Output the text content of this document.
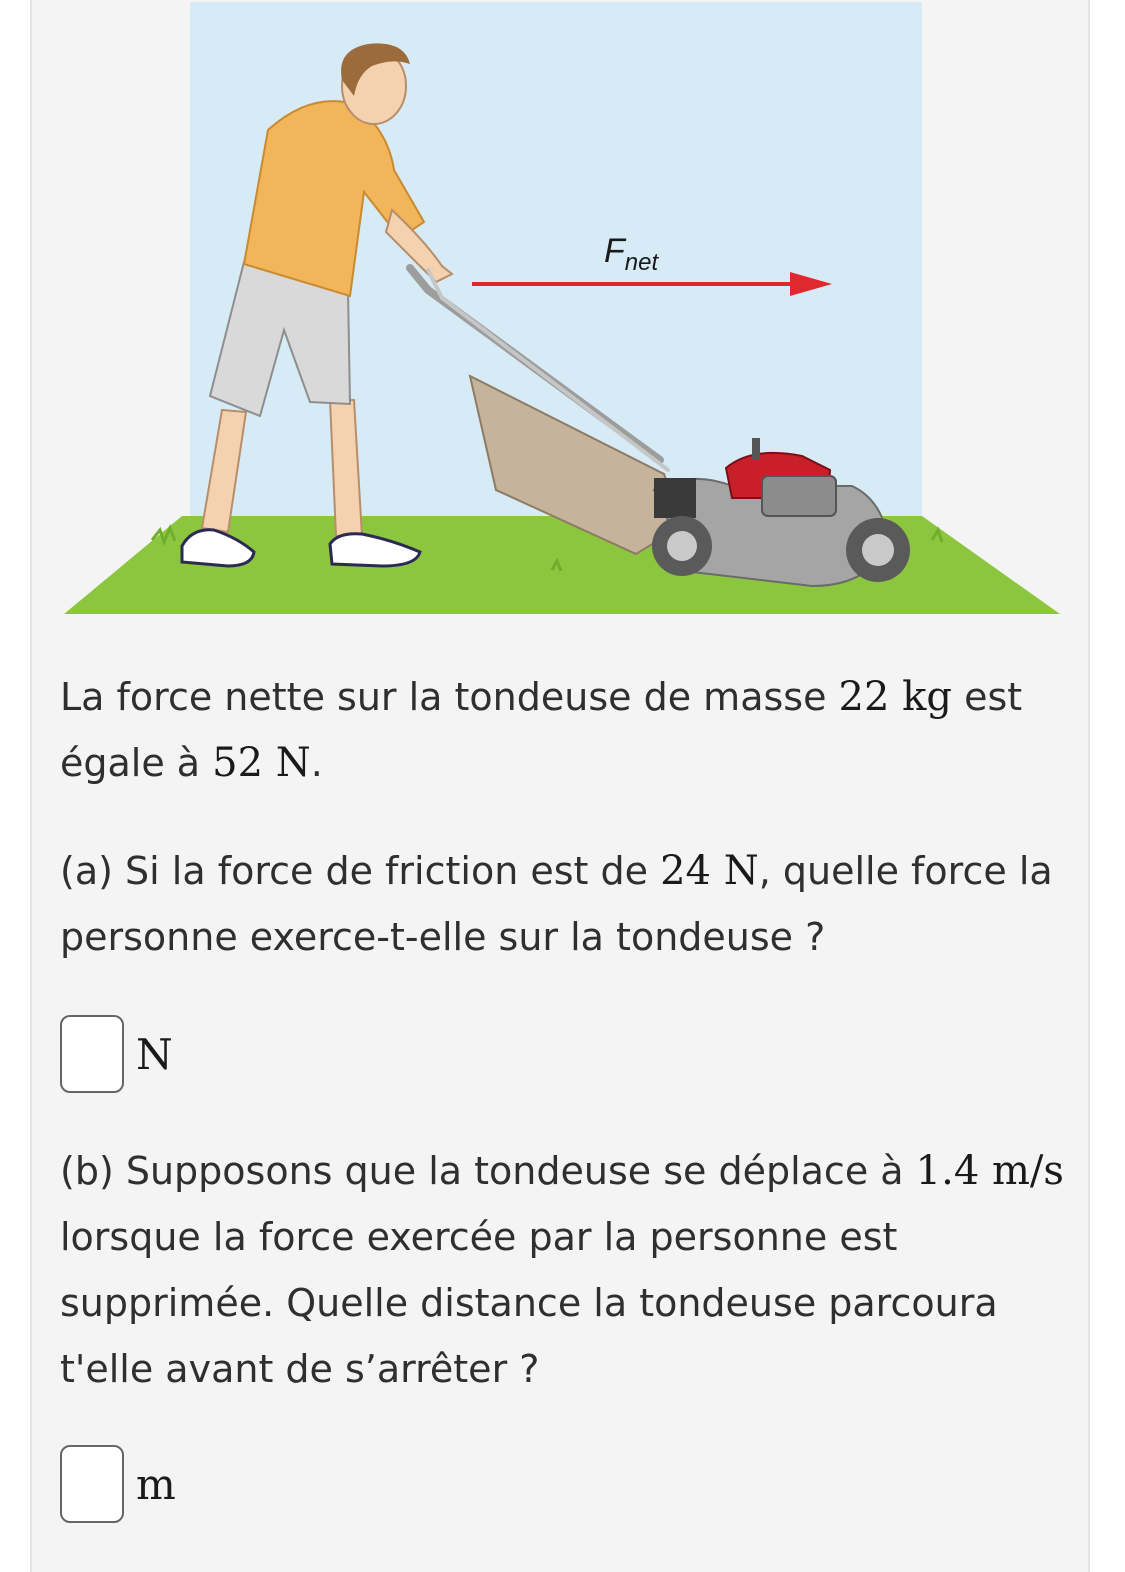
$F_{net}$
La force nette sur la tondeuse de masse 22 kg est égale à 52 N.
(a) Si la force de friction est de 24 N, quelle force la personne exerce-t-elle sur la tondeuse ?
N
(b) Supposons que la tondeuse se déplace à 1.4 m/s lorsque la force exercée par la personne est supprimée. Quelle distance la tondeuse parcoura t'elle avant de s’arrêter ?
m
